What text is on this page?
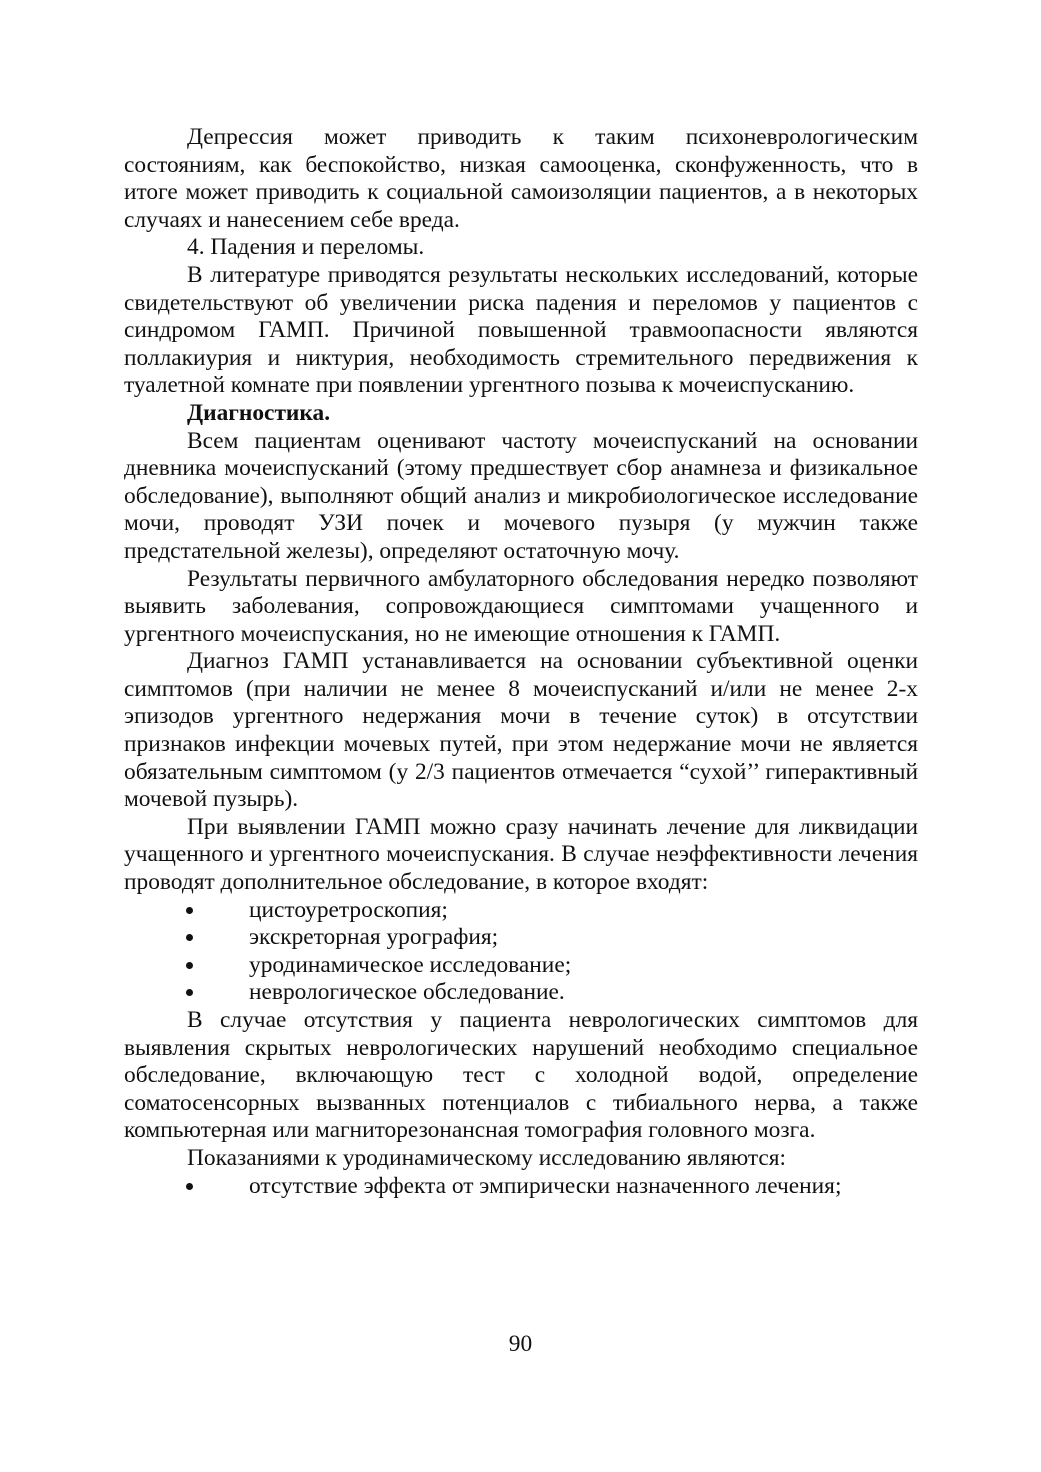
Депрессия может приводить к таким психоневрологическим состояниям, как беспокойство, низкая самооценка, сконфуженность, что в итоге может приводить к социальной самоизоляции пациентов, а в некоторых случаях и нанесением себе вреда.

4. Падения и переломы.

В литературе приводятся результаты нескольких исследований, которые свидетельствуют об увеличении риска падения и переломов у пациентов с синдромом ГАМП. Причиной повышенной травмоопасности являются поллакиурия и никтурия, необходимость стремительного передвижения к туалетной комнате при появлении ургентного позыва к мочеиспусканию.

Диагностика.

Всем пациентам оценивают частоту мочеиспусканий на основании дневника мочеиспусканий (этому предшествует сбор анамнеза и физикальное обследование), выполняют общий анализ и микробиологическое исследование мочи, проводят УЗИ почек и мочевого пузыря (у мужчин также предстательной железы), определяют остаточную мочу.

Результаты первичного амбулаторного обследования нередко позволяют выявить заболевания, сопровождающиеся симптомами учащенного и ургентного мочеиспускания, но не имеющие отношения к ГАМП.

Диагноз ГАМП устанавливается на основании субъективной оценки симптомов (при наличии не менее 8 мочеиспусканий и/или не менее 2-х эпизодов ургентного недержания мочи в течение суток) в отсутствии признаков инфекции мочевых путей, при этом недержание мочи не является обязательным симптомом (у 2/3 пациентов отмечается “сухой’’ гиперактивный мочевой пузырь).

При выявлении ГАМП можно сразу начинать лечение для ликвидации учащенного и ургентного мочеиспускания. В случае неэффективности лечения проводят дополнительное обследование, в которое входят:

цистоуретроскопия;
экскреторная урография;
уродинамическое исследование;
неврологическое обследование.

В случае отсутствия у пациента неврологических симптомов для выявления скрытых неврологических нарушений необходимо специальное обследование, включающую тест с холодной водой, определение соматосенсорных вызванных потенциалов с тибиального нерва, а также компьютерная или магниторезонансная томография головного мозга.

Показаниями к уродинамическому исследованию являются:

отсутствие эффекта от эмпирически назначенного лечения;
90
